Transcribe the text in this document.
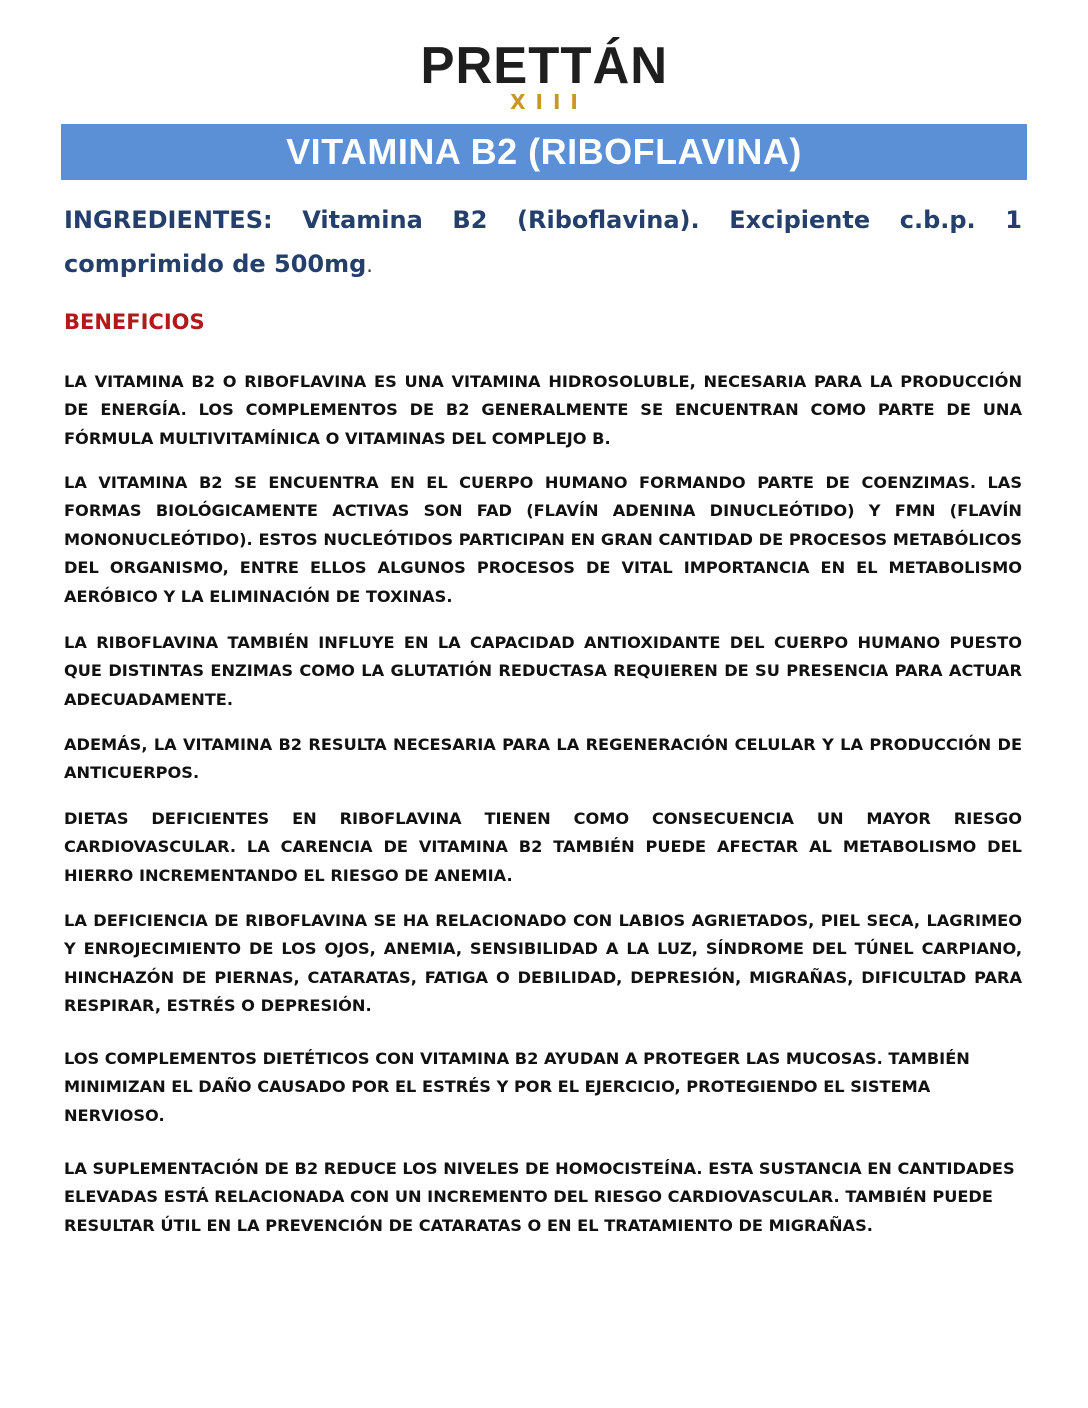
PRETTÁN
XIII
VITAMINA B2 (RIBOFLAVINA)
INGREDIENTES: Vitamina B2 (Riboflavina). Excipiente c.b.p. 1 comprimido de 500mg.
BENEFICIOS

LA VITAMINA B2 O RIBOFLAVINA ES UNA VITAMINA HIDROSOLUBLE, NECESARIA PARA LA PRODUCCIÓN DE ENERGÍA. LOS COMPLEMENTOS DE B2 GENERALMENTE SE ENCUENTRAN COMO PARTE DE UNA FÓRMULA MULTIVITAMÍNICA O VITAMINAS DEL COMPLEJO B.

LA VITAMINA B2 SE ENCUENTRA EN EL CUERPO HUMANO FORMANDO PARTE DE COENZIMAS. LAS FORMAS BIOLÓGICAMENTE ACTIVAS SON FAD (FLAVÍN ADENINA DINUCLEÓTIDO) Y FMN (FLAVÍN MONONUCLEÓTIDO). ESTOS NUCLEÓTIDOS PARTICIPAN EN GRAN CANTIDAD DE PROCESOS METABÓLICOS DEL ORGANISMO, ENTRE ELLOS ALGUNOS PROCESOS DE VITAL IMPORTANCIA EN EL METABOLISMO AERÓBICO Y LA ELIMINACIÓN DE TOXINAS.

LA RIBOFLAVINA TAMBIÉN INFLUYE EN LA CAPACIDAD ANTIOXIDANTE DEL CUERPO HUMANO PUESTO QUE DISTINTAS ENZIMAS COMO LA GLUTATIÓN REDUCTASA REQUIEREN DE SU PRESENCIA PARA ACTUAR ADECUADAMENTE.

ADEMÁS, LA VITAMINA B2 RESULTA NECESARIA PARA LA REGENERACIÓN CELULAR Y LA PRODUCCIÓN DE ANTICUERPOS.

DIETAS DEFICIENTES EN RIBOFLAVINA TIENEN COMO CONSECUENCIA UN MAYOR RIESGO CARDIOVASCULAR. LA CARENCIA DE VITAMINA B2 TAMBIÉN PUEDE AFECTAR AL METABOLISMO DEL HIERRO INCREMENTANDO EL RIESGO DE ANEMIA.

LA DEFICIENCIA DE RIBOFLAVINA SE HA RELACIONADO CON LABIOS AGRIETADOS, PIEL SECA, LAGRIMEO Y ENROJECIMIENTO DE LOS OJOS, ANEMIA, SENSIBILIDAD A LA LUZ, SÍNDROME DEL TÚNEL CARPIANO, HINCHAZÓN DE PIERNAS, CATARATAS, FATIGA O DEBILIDAD, DEPRESIÓN, MIGRAÑAS, DIFICULTAD PARA RESPIRAR, ESTRÉS O DEPRESIÓN.

LOS COMPLEMENTOS DIETÉTICOS CON VITAMINA B2 AYUDAN A PROTEGER LAS MUCOSAS. TAMBIÉN MINIMIZAN EL DAÑO CAUSADO POR EL ESTRÉS Y POR EL EJERCICIO, PROTEGIENDO EL SISTEMA NERVIOSO.

LA SUPLEMENTACIÓN DE B2 REDUCE LOS NIVELES DE HOMOCISTEÍNA. ESTA SUSTANCIA EN CANTIDADES ELEVADAS ESTÁ RELACIONADA CON UN INCREMENTO DEL RIESGO CARDIOVASCULAR. TAMBIÉN PUEDE RESULTAR ÚTIL EN LA PREVENCIÓN DE CATARATAS O EN EL TRATAMIENTO DE MIGRAÑAS.
